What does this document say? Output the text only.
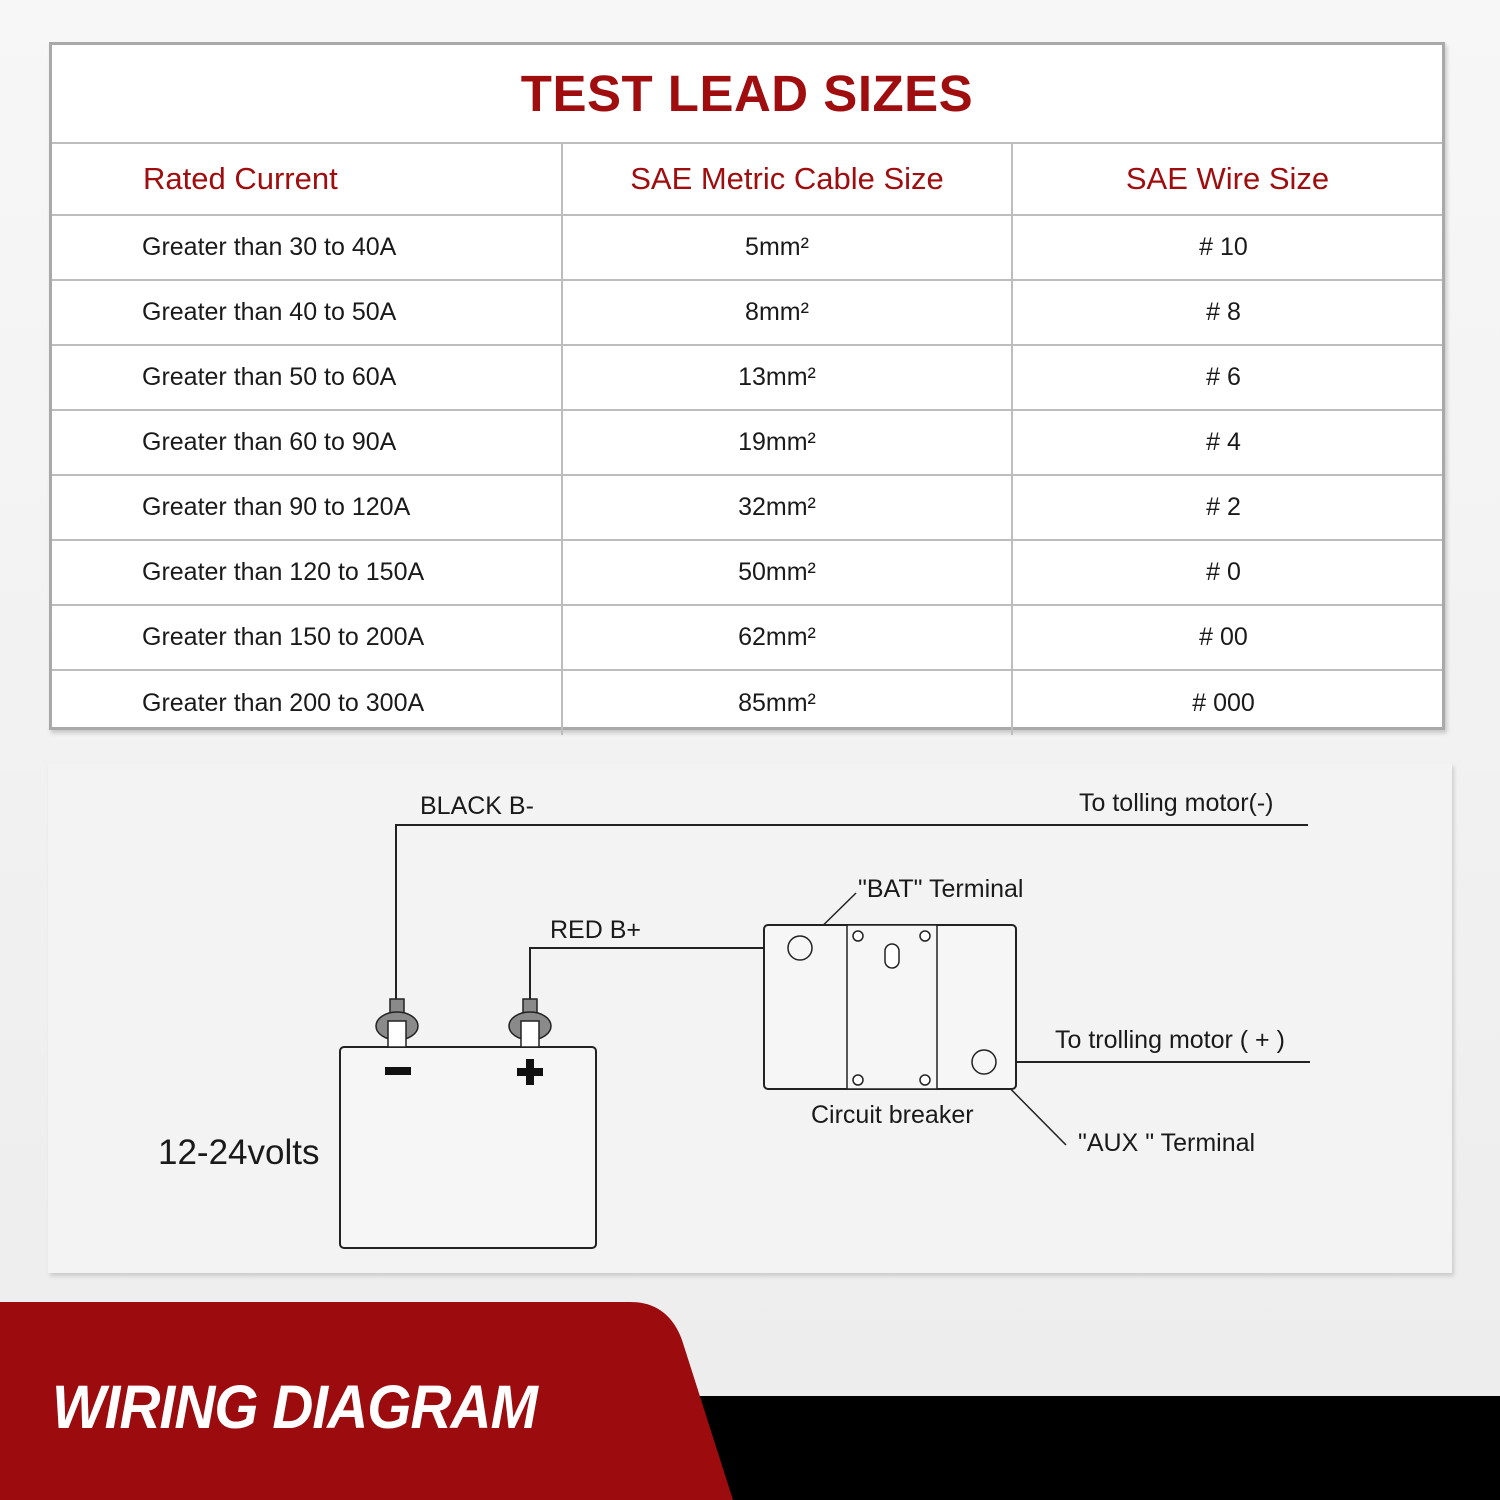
TEST LEAD SIZES
Rated Current	SAE Metric Cable Size	SAE Wire Size
Greater than 30 to 40A	5mm²	# 10
Greater than 40 to 50A	8mm²	# 8
Greater than 50 to 60A	13mm²	# 6
Greater than 60 to 90A	19mm²	# 4
Greater than 90 to 120A	32mm²	# 2
Greater than 120 to 150A	50mm²	# 0
Greater than 150 to 200A	62mm²	# 00
Greater than 200 to 300A	85mm²	# 000
BLACK B-	To tolling motor(-)
"BAT" Terminal
RED B+
To trolling motor ( + )
Circuit breaker
"AUX " Terminal
12-24volts
WIRING DIAGRAM
